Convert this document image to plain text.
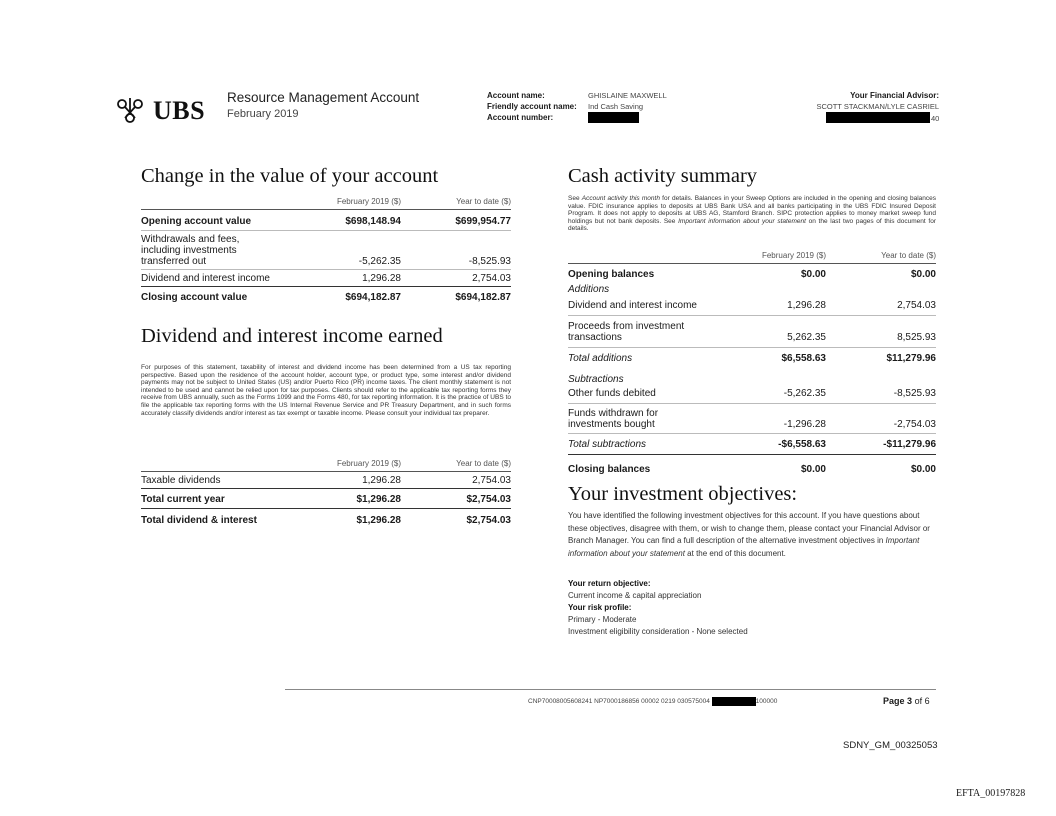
UBS Resource Management Account
February 2019
Account name:	GHISLAINE MAXWELL
Friendly account name: Ind Cash Saving
Account number:
Your Financial Advisor:
SCOTT STACKMAN/LYLE CASRIEL
40
Change in the value of your account
February 2019 ($)	Year to date ($)
Opening account value	$698,148.94	$699,954.77
Withdrawals and fees, including investments transferred out	-5,262.35	-8,525.93
Dividend and interest income	1,296.28	2,754.03
Closing account value	$694,182.87	$694,182.87
Dividend and interest income earned
For purposes of this statement, taxability of interest and dividend income has been determined from a US tax reporting perspective. Based upon the residence of the account holder, account type, or product type, some interest and/or dividend payments may not be subject to United States (US) and/or Puerto Rico (PR) income taxes. The client monthly statement is not intended to be used and cannot be relied upon for tax purposes. Clients should refer to the applicable tax reporting forms they receive from UBS annually, such as the Forms 1099 and the Forms 480, for tax reporting information. It is the practice of UBS to file the applicable tax reporting forms with the US Internal Revenue Service and PR Treasury Department, and in such forms accurately classify dividends and/or interest as tax exempt or taxable income. Please consult your individual tax preparer.
February 2019 ($)	Year to date ($)
Taxable dividends	1,296.28	2,754.03
Total current year	$1,296.28	$2,754.03
Total dividend & interest	$1,296.28	$2,754.03
Cash activity summary
See Account activity this month for details. Balances in your Sweep Options are included in the opening and closing balances value. FDIC insurance applies to deposits at UBS Bank USA and all banks participating in the UBS FDIC Insured Deposit Program. It does not apply to deposits at UBS AG, Stamford Branch. SIPC protection applies to money market sweep fund holdings but not bank deposits. See Important information about your statement on the last two pages of this document for details.
February 2019 ($)	Year to date ($)
Opening balances	$0.00	$0.00
Additions
Dividend and interest income	1,296.28	2,754.03
Proceeds from investment transactions	5,262.35	8,525.93
Total additions	$6,558.63	$11,279.96
Subtractions
Other funds debited	-5,262.35	-8,525.93
Funds withdrawn for investments bought	-1,296.28	-2,754.03
Total subtractions	-$6,558.63	-$11,279.96
Closing balances	$0.00	$0.00
Your investment objectives:
You have identified the following investment objectives for this account. If you have questions about these objectives, disagree with them, or wish to change them, please contact your Financial Advisor or Branch Manager. You can find a full description of the alternative investment objectives in Important information about your statement at the end of this document.
Your return objective:
Current income & capital appreciation
Your risk profile:
Primary - Moderate
Investment eligibility consideration - None selected
CNP70008005608241 NP7000186856 00002 0219 030575004	100000	Page 3 of 6
SDNY_GM_00325053
EFTA_00197828
